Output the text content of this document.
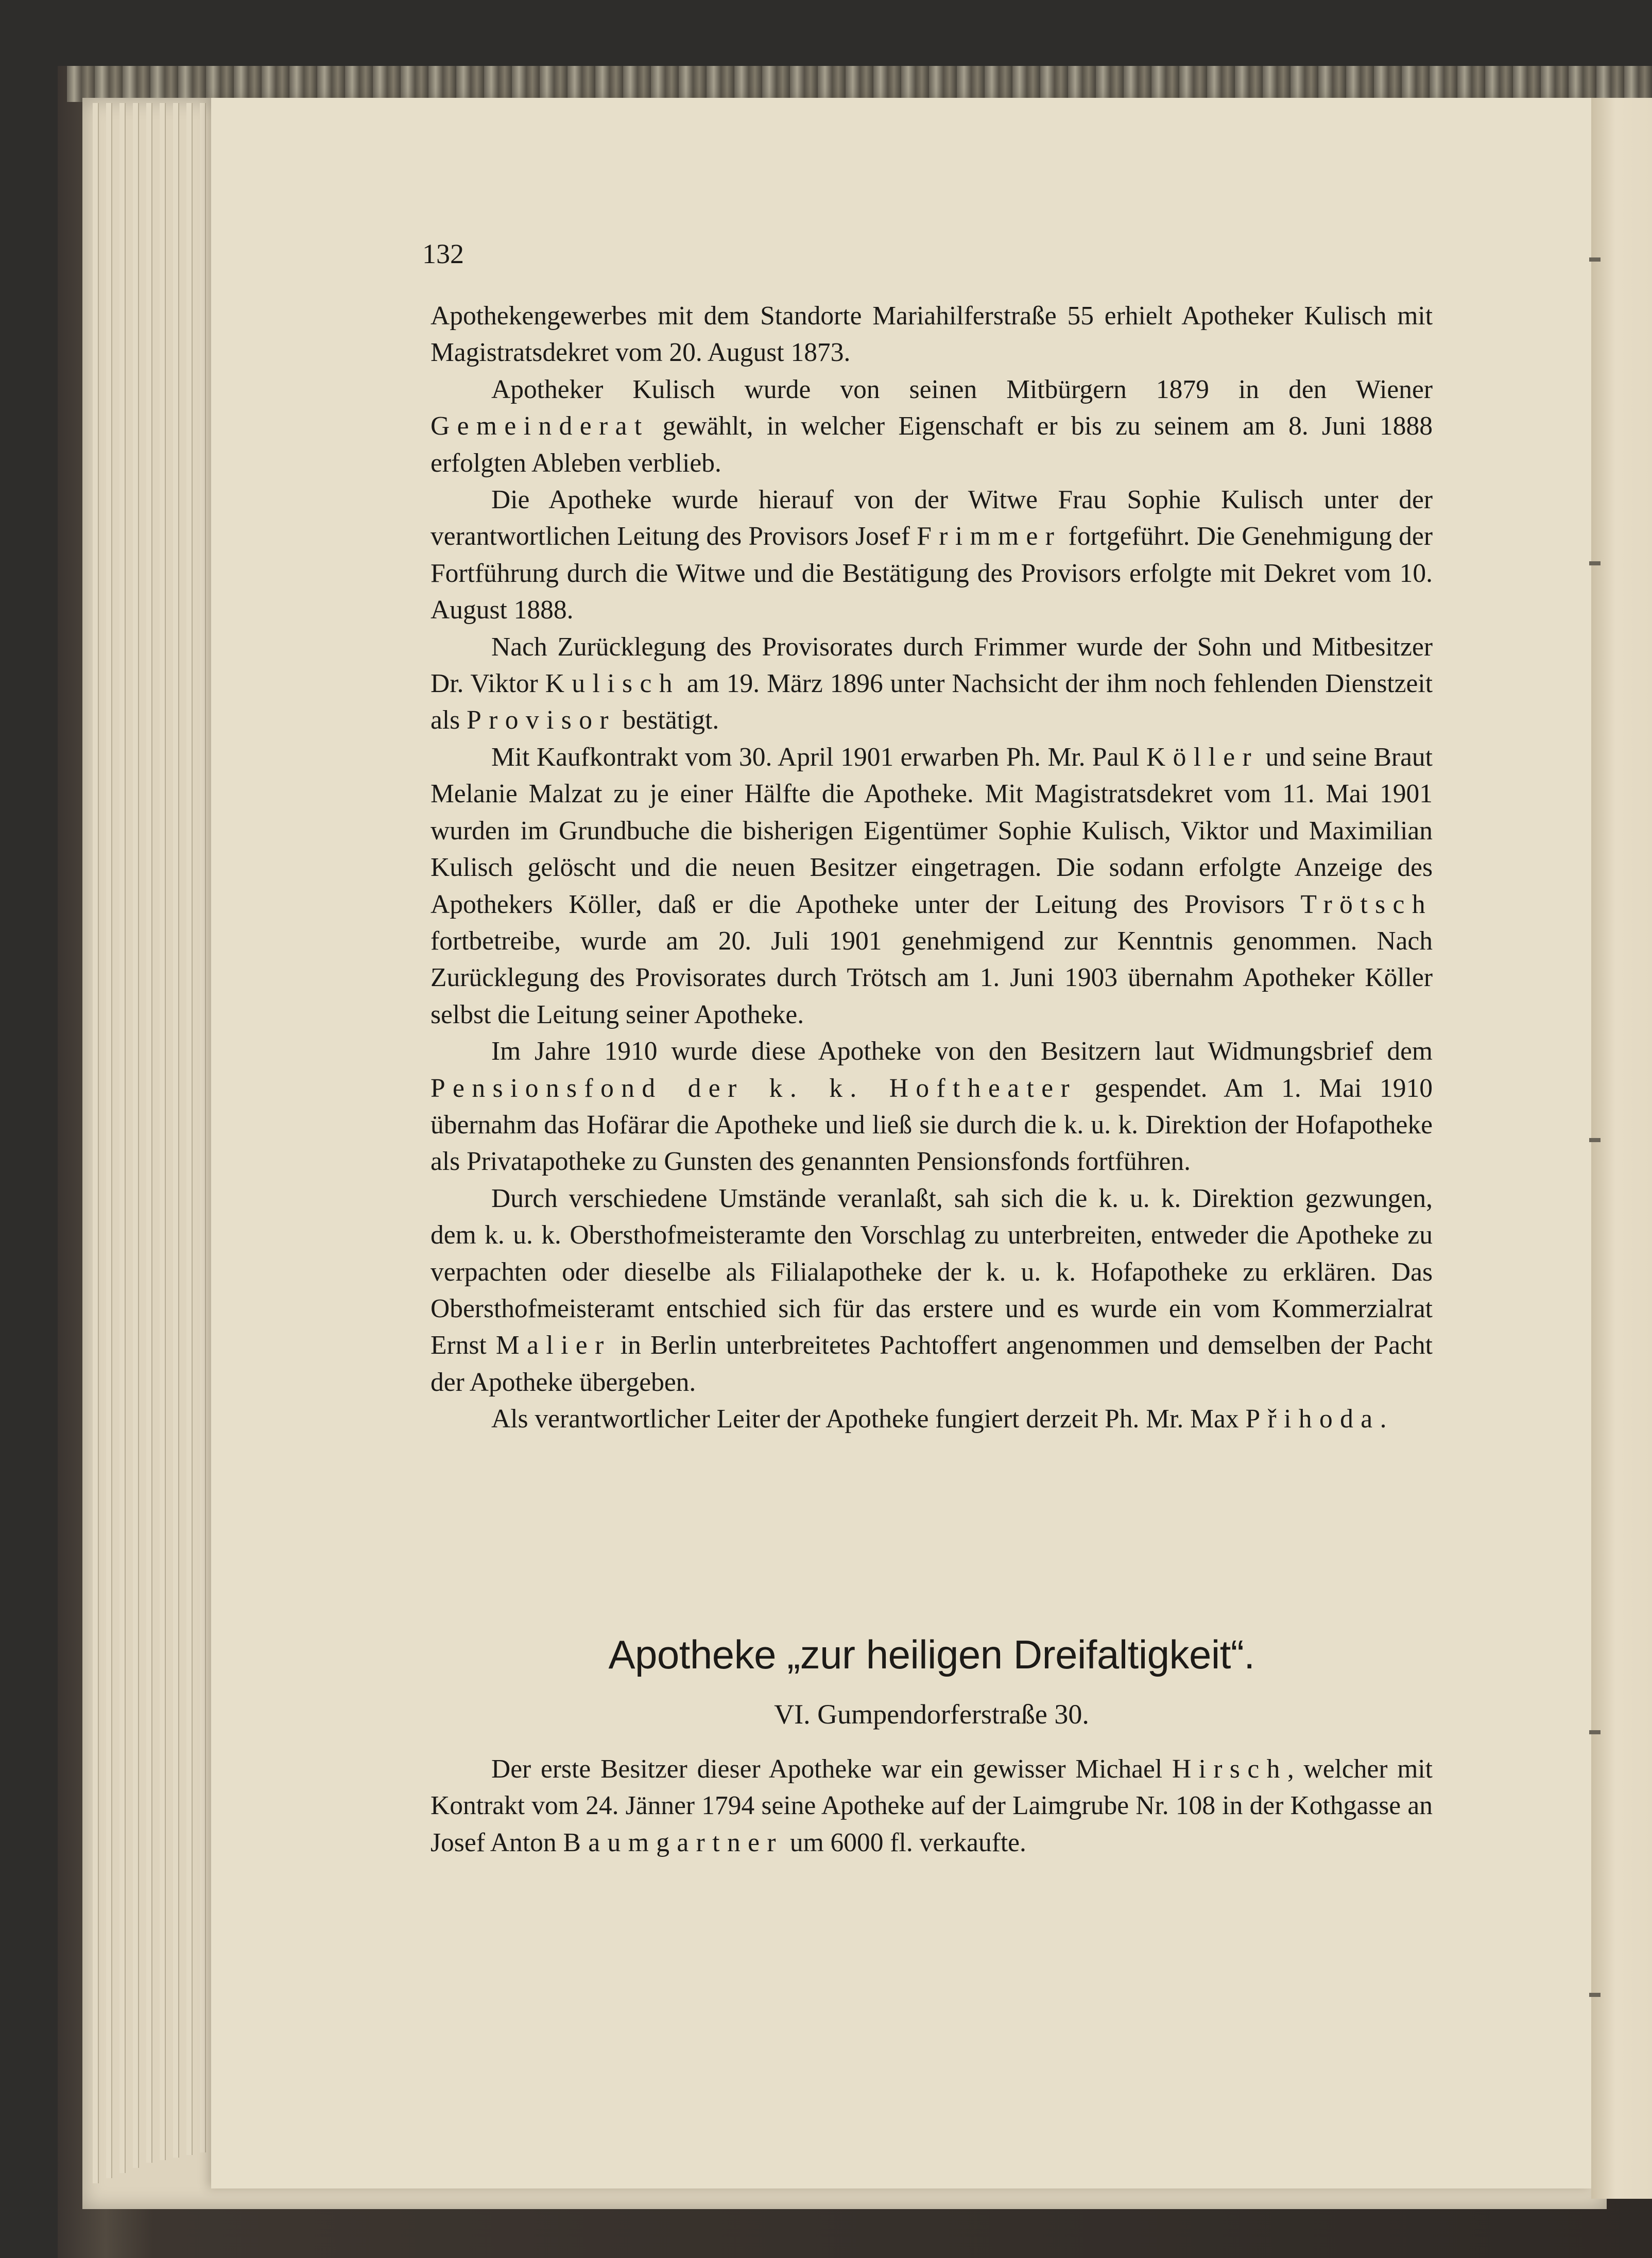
132

Apothekengewerbes mit dem Standorte Mariahilferstraße 55 erhielt Apotheker Kulisch mit Magistratsdekret vom 20. August 1873.

Apotheker Kulisch wurde von seinen Mitbürgern 1879 in den Wiener Gemeinderat gewählt, in welcher Eigenschaft er bis zu seinem am 8. Juni 1888 erfolgten Ableben verblieb.

Die Apotheke wurde hierauf von der Witwe Frau Sophie Kulisch unter der verantwortlichen Leitung des Provisors Josef Frimmer fortgeführt. Die Genehmigung der Fortführung durch die Witwe und die Bestätigung des Provisors erfolgte mit Dekret vom 10. August 1888.

Nach Zurücklegung des Provisorates durch Frimmer wurde der Sohn und Mitbesitzer Dr. Viktor Kulisch am 19. März 1896 unter Nachsicht der ihm noch fehlenden Dienstzeit als Provisor bestätigt.

Mit Kaufkontrakt vom 30. April 1901 erwarben Ph. Mr. Paul Köller und seine Braut Melanie Malzat zu je einer Hälfte die Apotheke. Mit Magistratsdekret vom 11. Mai 1901 wurden im Grundbuche die bisherigen Eigentümer Sophie Kulisch, Viktor und Maximilian Kulisch gelöscht und die neuen Besitzer eingetragen. Die sodann erfolgte Anzeige des Apothekers Köller, daß er die Apotheke unter der Leitung des Provisors Trötsch fortbetreibe, wurde am 20. Juli 1901 genehmigend zur Kenntnis genommen. Nach Zurücklegung des Provisorates durch Trötsch am 1. Juni 1903 übernahm Apotheker Köller selbst die Leitung seiner Apotheke.

Im Jahre 1910 wurde diese Apotheke von den Besitzern laut Widmungsbrief dem Pensionsfond der k. k. Hoftheater gespendet. Am 1. Mai 1910 übernahm das Hofärar die Apotheke und ließ sie durch die k. u. k. Direktion der Hofapotheke als Privatapotheke zu Gunsten des genannten Pensionsfonds fortführen.

Durch verschiedene Umstände veranlaßt, sah sich die k. u. k. Direktion gezwungen, dem k. u. k. Obersthofmeisteramte den Vorschlag zu unterbreiten, entweder die Apotheke zu verpachten oder dieselbe als Filialapotheke der k. u. k. Hofapotheke zu erklären. Das Obersthofmeisteramt entschied sich für das erstere und es wurde ein vom Kommerzialrat Ernst Malier in Berlin unterbreitetes Pachtoffert angenommen und demselben der Pacht der Apotheke übergeben.

Als verantwortlicher Leiter der Apotheke fungiert derzeit Ph. Mr. Max Přihoda.

Apotheke „zur heiligen Dreifaltigkeit“.
VI. Gumpendorferstraße 30.

Der erste Besitzer dieser Apotheke war ein gewisser Michael Hirsch, welcher mit Kontrakt vom 24. Jänner 1794 seine Apotheke auf der Laimgrube Nr. 108 in der Kothgasse an Josef Anton Baumgartner um 6000 fl. verkaufte.
